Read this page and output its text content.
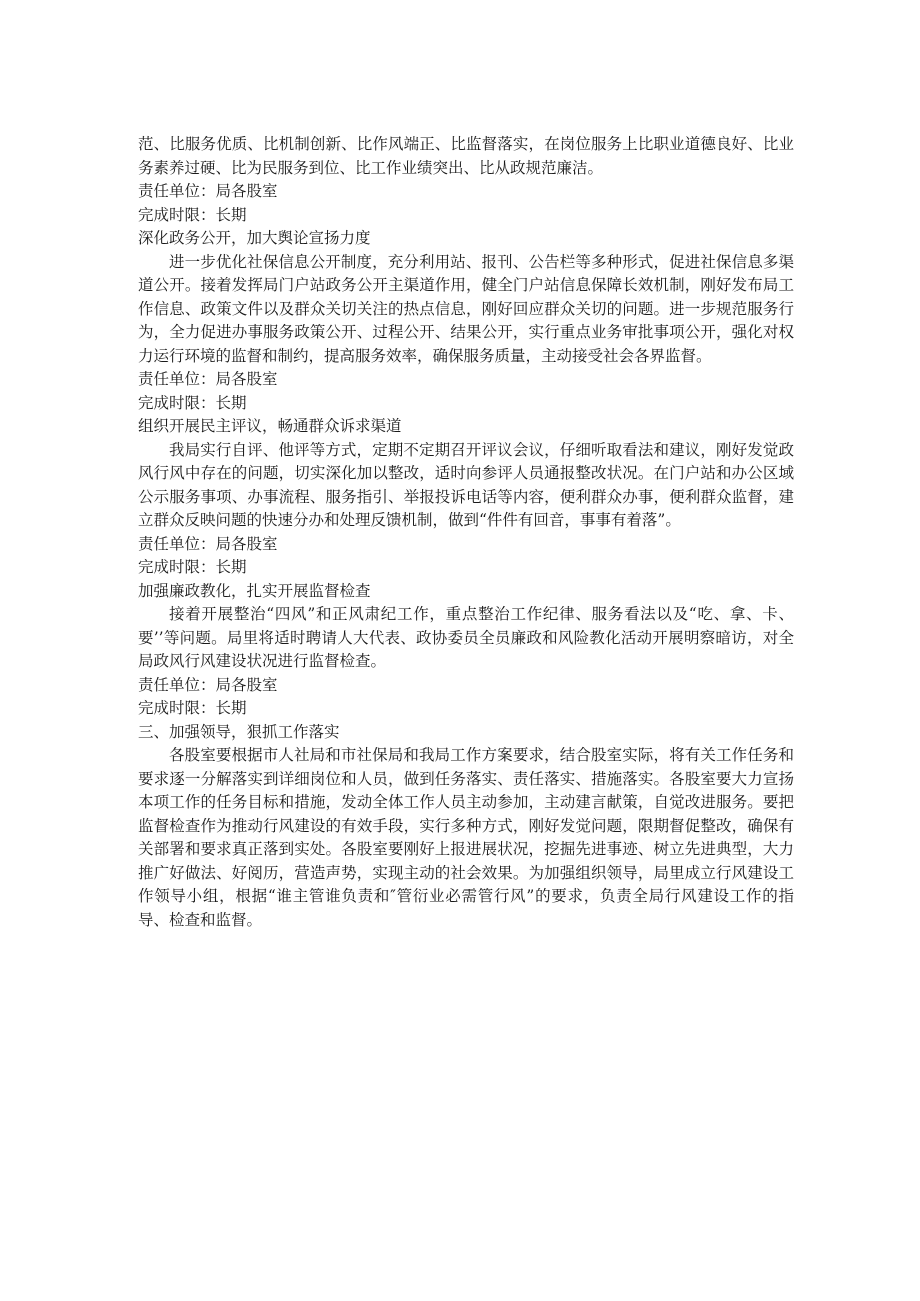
范、比服务优质、比机制创新、比作风端正、比监督落实，在岗位服务上比职业道德良好、比业务素养过硬、比为民服务到位、比工作业绩突出、比从政规范廉洁。

责任单位：局各股室

完成时限：长期

深化政务公开，加大舆论宣扬力度

进一步优化社保信息公开制度，充分利用站、报刊、公告栏等多种形式，促进社保信息多渠道公开。接着发挥局门户站政务公开主渠道作用，健全门户站信息保障长效机制，刚好发布局工作信息、政策文件以及群众关切关注的热点信息，刚好回应群众关切的问题。进一步规范服务行为，全力促进办事服务政策公开、过程公开、结果公开，实行重点业务审批事项公开，强化对权力运行环境的监督和制约，提高服务效率，确保服务质量，主动接受社会各界监督。

责任单位：局各股室

完成时限：长期

组织开展民主评议，畅通群众诉求渠道

我局实行自评、他评等方式，定期不定期召开评议会议，仔细听取看法和建议，刚好发觉政风行风中存在的问题，切实深化加以整改，适时向参评人员通报整改状况。在门户站和办公区域公示服务事项、办事流程、服务指引、举报投诉电话等内容，便利群众办事，便利群众监督，建立群众反映问题的快速分办和处理反馈机制，做到“件件有回音，事事有着落”。

责任单位：局各股室

完成时限：长期

加强廉政教化，扎实开展监督检查

接着开展整治“四风”和正风肃纪工作，重点整治工作纪律、服务看法以及“吃、拿、卡、要’’等问题。局里将适时聘请人大代表、政协委员全员廉政和风险教化活动开展明察暗访，对全局政风行风建设状况进行监督检查。

责任单位：局各股室

完成时限：长期

三、加强领导，狠抓工作落实

各股室要根据市人社局和市社保局和我局工作方案要求，结合股室实际，将有关工作任务和要求逐一分解落实到详细岗位和人员，做到任务落实、责任落实、措施落实。各股室要大力宣扬本项工作的任务目标和措施，发动全体工作人员主动参加，主动建言献策，自觉改进服务。要把监督检查作为推动行风建设的有效手段，实行多种方式，刚好发觉问题，限期督促整改，确保有关部署和要求真正落到实处。各股室要刚好上报进展状况，挖掘先进事迹、树立先进典型，大力推广好做法、好阅历，营造声势，实现主动的社会效果。为加强组织领导，局里成立行风建设工作领导小组，根据“谁主管谁负责和″管衍业必需管行风”的要求，负责全局行风建设工作的指导、检查和监督。
